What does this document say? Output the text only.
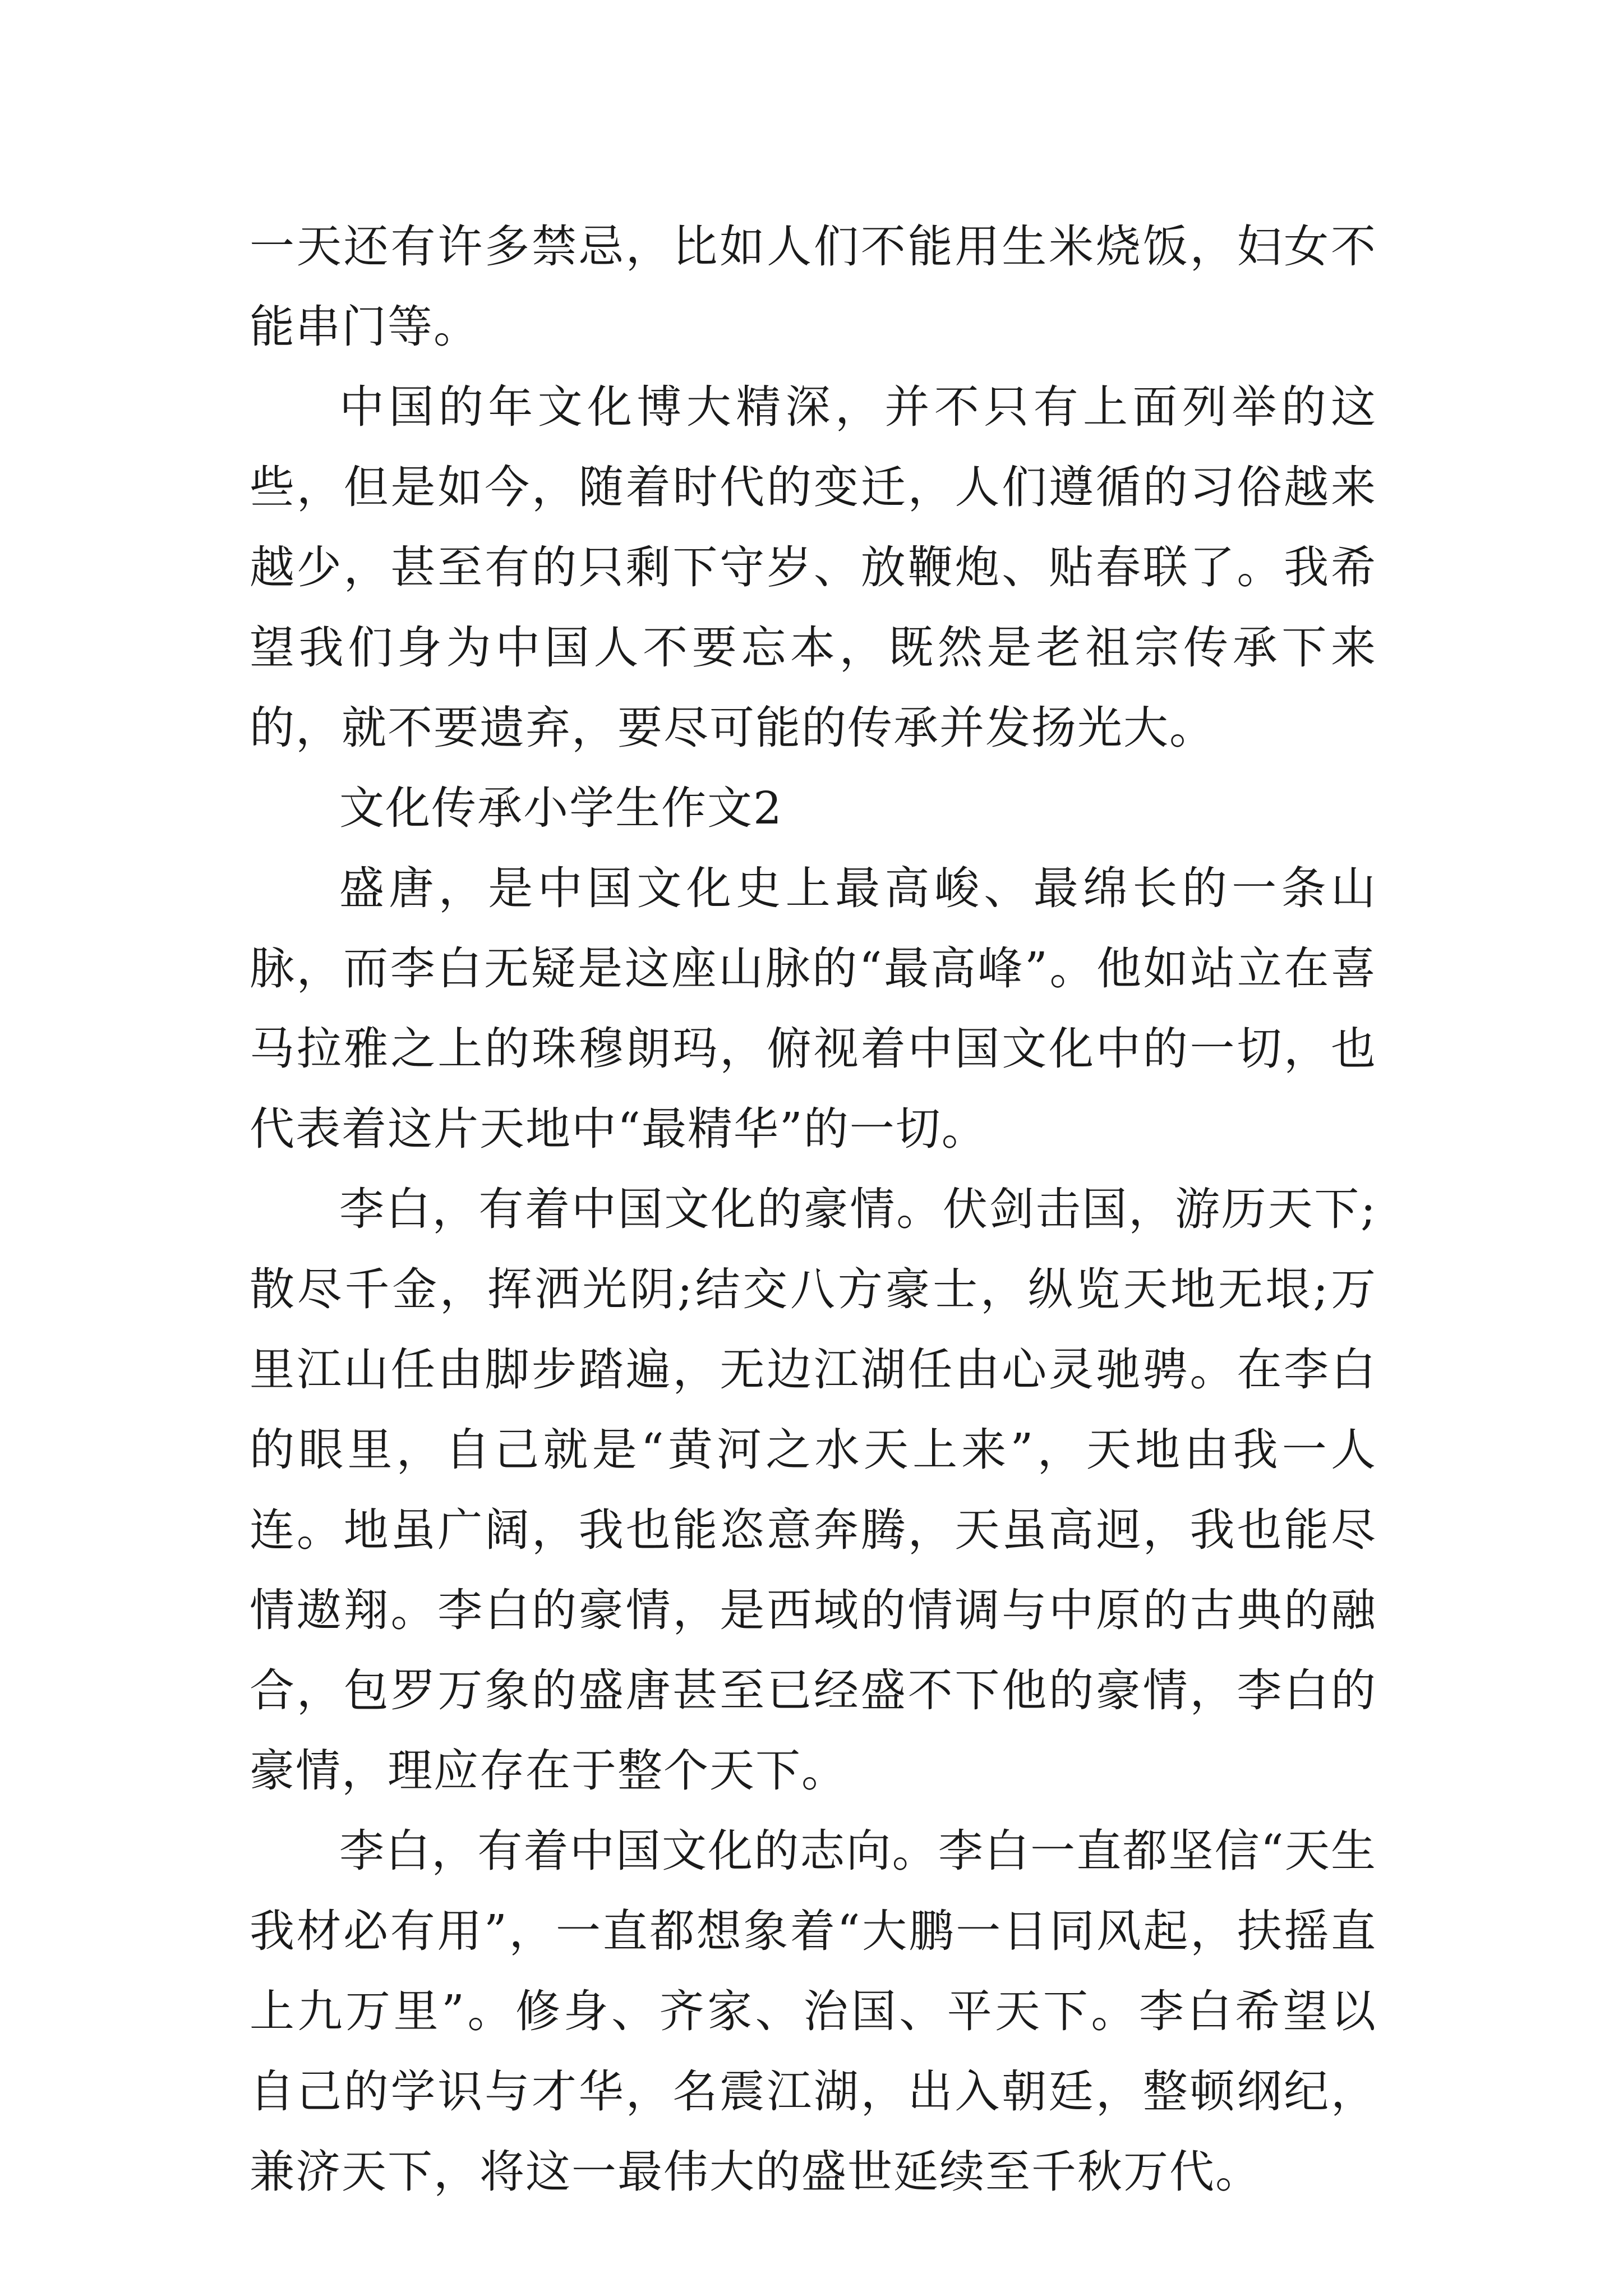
一天还有许多禁忌，比如人们不能用生米烧饭，妇女不能串门等。

中国的年文化博大精深，并不只有上面列举的这些，但是如今，随着时代的变迁，人们遵循的习俗越来越少，甚至有的只剩下守岁、放鞭炮、贴春联了。我希望我们身为中国人不要忘本，既然是老祖宗传承下来的，就不要遗弃，要尽可能的传承并发扬光大。

文化传承小学生作文2

盛唐，是中国文化史上最高峻、最绵长的一条山脉，而李白无疑是这座山脉的“最高峰”。他如站立在喜马拉雅之上的珠穆朗玛，俯视着中国文化中的一切，也代表着这片天地中“最精华”的一切。

李白，有着中国文化的豪情。伏剑击国，游历天下;散尽千金，挥洒光阴;结交八方豪士，纵览天地无垠;万里江山任由脚步踏遍，无边江湖任由心灵驰骋。在李白的眼里，自己就是“黄河之水天上来”，天地由我一人连。地虽广阔，我也能恣意奔腾，天虽高迥，我也能尽情遨翔。李白的豪情，是西域的情调与中原的古典的融合，包罗万象的盛唐甚至已经盛不下他的豪情，李白的豪情，理应存在于整个天下。

李白，有着中国文化的志向。李白一直都坚信“天生我材必有用”，一直都想象着“大鹏一日同风起，扶摇直上九万里”。修身、齐家、治国、平天下。李白希望以自己的学识与才华，名震江湖，出入朝廷，整顿纲纪，兼济天下，将这一最伟大的盛世延续至千秋万代。
